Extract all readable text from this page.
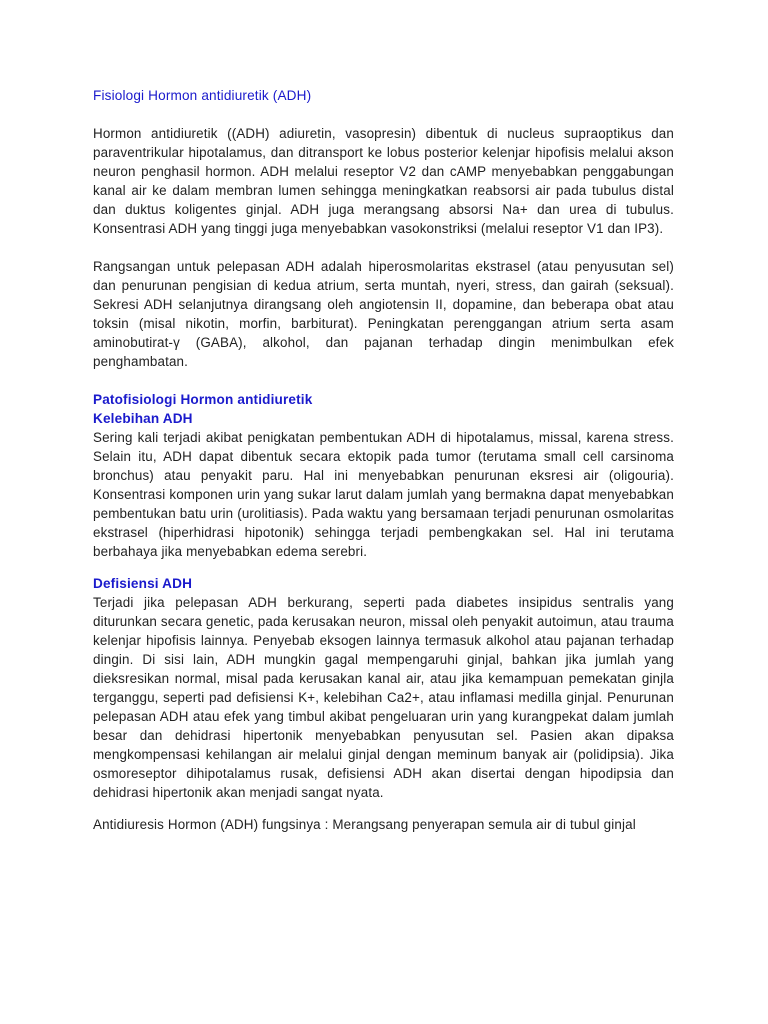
Fisiologi Hormon antidiuretik (ADH)

Hormon antidiuretik ((ADH) adiuretin, vasopresin) dibentuk di nucleus supraoptikus dan paraventrikular hipotalamus, dan ditransport ke lobus posterior kelenjar hipofisis melalui akson neuron penghasil hormon. ADH melalui reseptor V2 dan cAMP menyebabkan penggabungan kanal air ke dalam membran lumen sehingga meningkatkan reabsorsi air pada tubulus distal dan duktus koligentes ginjal. ADH juga merangsang absorsi Na+ dan urea di tubulus. Konsentrasi ADH yang tinggi juga menyebabkan vasokonstriksi (melalui reseptor V1 dan IP3).

Rangsangan untuk pelepasan ADH adalah hiperosmolaritas ekstrasel (atau penyusutan sel) dan penurunan pengisian di kedua atrium, serta muntah, nyeri, stress, dan gairah (seksual). Sekresi ADH selanjutnya dirangsang oleh angiotensin II, dopamine, dan beberapa obat atau toksin (misal nikotin, morfin, barbiturat). Peningkatan perenggangan atrium serta asam aminobutirat-γ (GABA), alkohol, dan pajanan terhadap dingin menimbulkan efek penghambatan.

Patofisiologi Hormon antidiuretik

Kelebihan ADH

Sering kali terjadi akibat penigkatan pembentukan ADH di hipotalamus, missal, karena stress. Selain itu, ADH dapat dibentuk secara ektopik pada tumor (terutama small cell carsinoma bronchus) atau penyakit paru. Hal ini menyebabkan penurunan eksresi air (oligouria). Konsentrasi komponen urin yang sukar larut dalam jumlah yang bermakna dapat menyebabkan pembentukan batu urin (urolitiasis). Pada waktu yang bersamaan terjadi penurunan osmolaritas ekstrasel (hiperhidrasi hipotonik) sehingga terjadi pembengkakan sel. Hal ini terutama berbahaya jika menyebabkan edema serebri.

Defisiensi ADH

Terjadi jika pelepasan ADH berkurang, seperti pada diabetes insipidus sentralis yang diturunkan secara genetic, pada kerusakan neuron, missal oleh penyakit autoimun, atau trauma kelenjar hipofisis lainnya. Penyebab eksogen lainnya termasuk alkohol atau pajanan terhadap dingin. Di sisi lain, ADH mungkin gagal mempengaruhi ginjal, bahkan jika jumlah yang dieksresikan normal, misal pada kerusakan kanal air, atau jika kemampuan pemekatan ginjla terganggu, seperti pad defisiensi K+, kelebihan Ca2+, atau inflamasi medilla ginjal. Penurunan pelepasan ADH atau efek yang timbul akibat pengeluaran urin yang kurangpekat dalam jumlah besar dan dehidrasi hipertonik menyebabkan penyusutan sel. Pasien akan dipaksa mengkompensasi kehilangan air melalui ginjal dengan meminum banyak air (polidipsia). Jika osmoreseptor dihipotalamus rusak, defisiensi ADH akan disertai dengan hipodipsia dan dehidrasi hipertonik akan menjadi sangat nyata.

Antidiuresis Hormon (ADH) fungsinya : Merangsang penyerapan semula air di tubul ginjal
